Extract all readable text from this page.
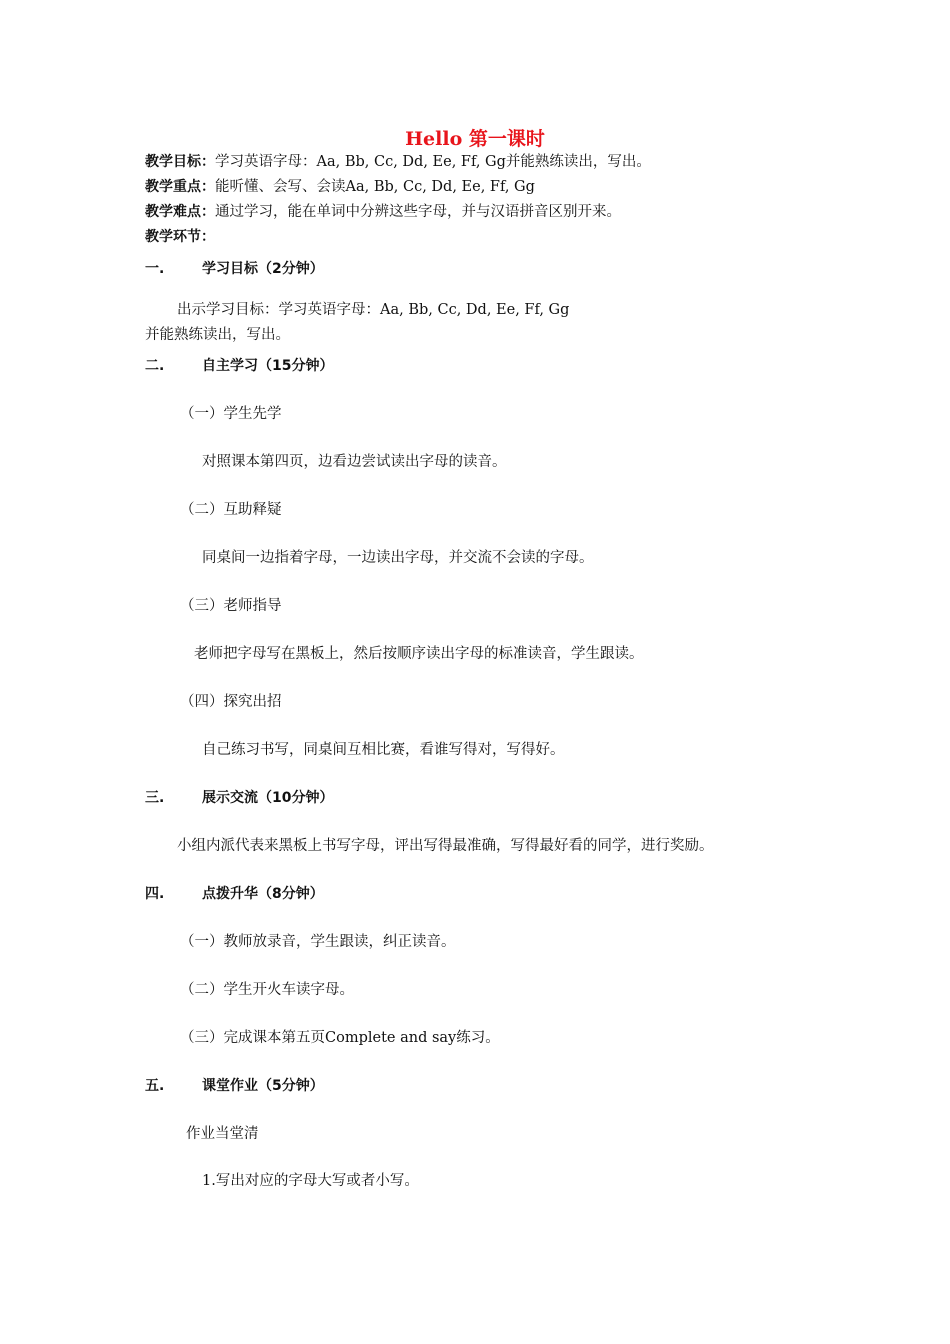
Hello 第一课时
教学目标：学习英语字母：Aa, Bb, Cc, Dd, Ee, Ff, Gg并能熟练读出，写出。
教学重点：能听懂、会写、会读Aa, Bb, Cc, Dd, Ee, Ff, Gg
教学难点：通过学习，能在单词中分辨这些字母，并与汉语拼音区别开来。
教学环节：
一.	学习目标（2分钟）
出示学习目标：学习英语字母：Aa, Bb, Cc, Dd, Ee, Ff, Gg
并能熟练读出，写出。
二.	自主学习（15分钟）
（一）学生先学
对照课本第四页，边看边尝试读出字母的读音。
（二）互助释疑
同桌间一边指着字母，一边读出字母，并交流不会读的字母。
（三）老师指导
老师把字母写在黑板上，然后按顺序读出字母的标准读音，学生跟读。
（四）探究出招
自己练习书写，同桌间互相比赛，看谁写得对，写得好。
三.	展示交流（10分钟）
小组内派代表来黑板上书写字母，评出写得最准确，写得最好看的同学，进行奖励。
四.	点拨升华（8分钟）
（一）教师放录音，学生跟读，纠正读音。
（二）学生开火车读字母。
（三）完成课本第五页Complete and say练习。
五.	课堂作业（5分钟）
作业当堂清
1.写出对应的字母大写或者小写。
